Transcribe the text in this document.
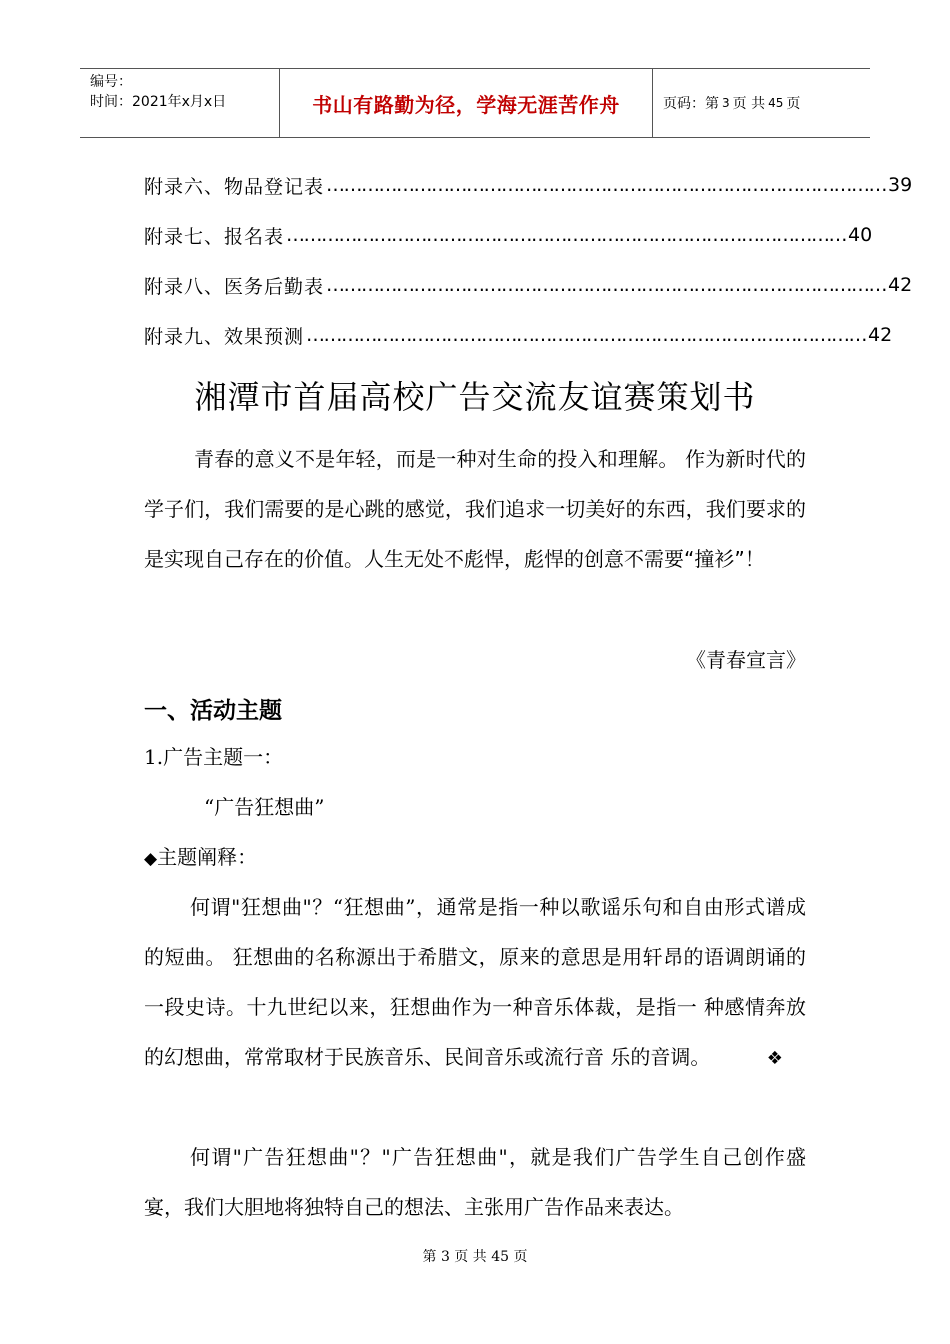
编号：
时间：2021年x月x日	书山有路勤为径，学海无涯苦作舟	页码：第 3 页 共 45 页
附录六、物品登记表 …………………………………………………………………………………… 39
附录七、报名表 …………………………………………………………………………………… 40
附录八、医务后勤表 …………………………………………………………………………………… 42
附录九、效果预测 …………………………………………………………………………………… 42
湘潭市首届高校广告交流友谊赛策划书
青春的意义不是年轻，而是一种对生命的投入和理解。 作为新时代的学子们，我们需要的是心跳的感觉，我们追求一切美好的东西，我们要求的是实现自己存在的价值。人生无处不彪悍，彪悍的创意不需要“撞衫”！
《青春宣言》
一、活动主题
1.广告主题一：
“广告狂想曲”
◆主题阐释：
何谓"狂想曲"？“狂想曲”，通常是指一种以歌谣乐句和自由形式谱成的短曲。 狂想曲的名称源出于希腊文，原来的意思是用轩昂的语调朗诵的一段史诗。十九世纪以来，狂想曲作为一种音乐体裁，是指一 种感情奔放的幻想曲，常常取材于民族音乐、民间音乐或流行音 乐的音调。	❖
何谓"广告狂想曲"？"广告狂想曲"，就是我们广告学生自己创作盛宴，我们大胆地将独特自己的想法、主张用广告作品来表达。
第 3 页 共 45 页
